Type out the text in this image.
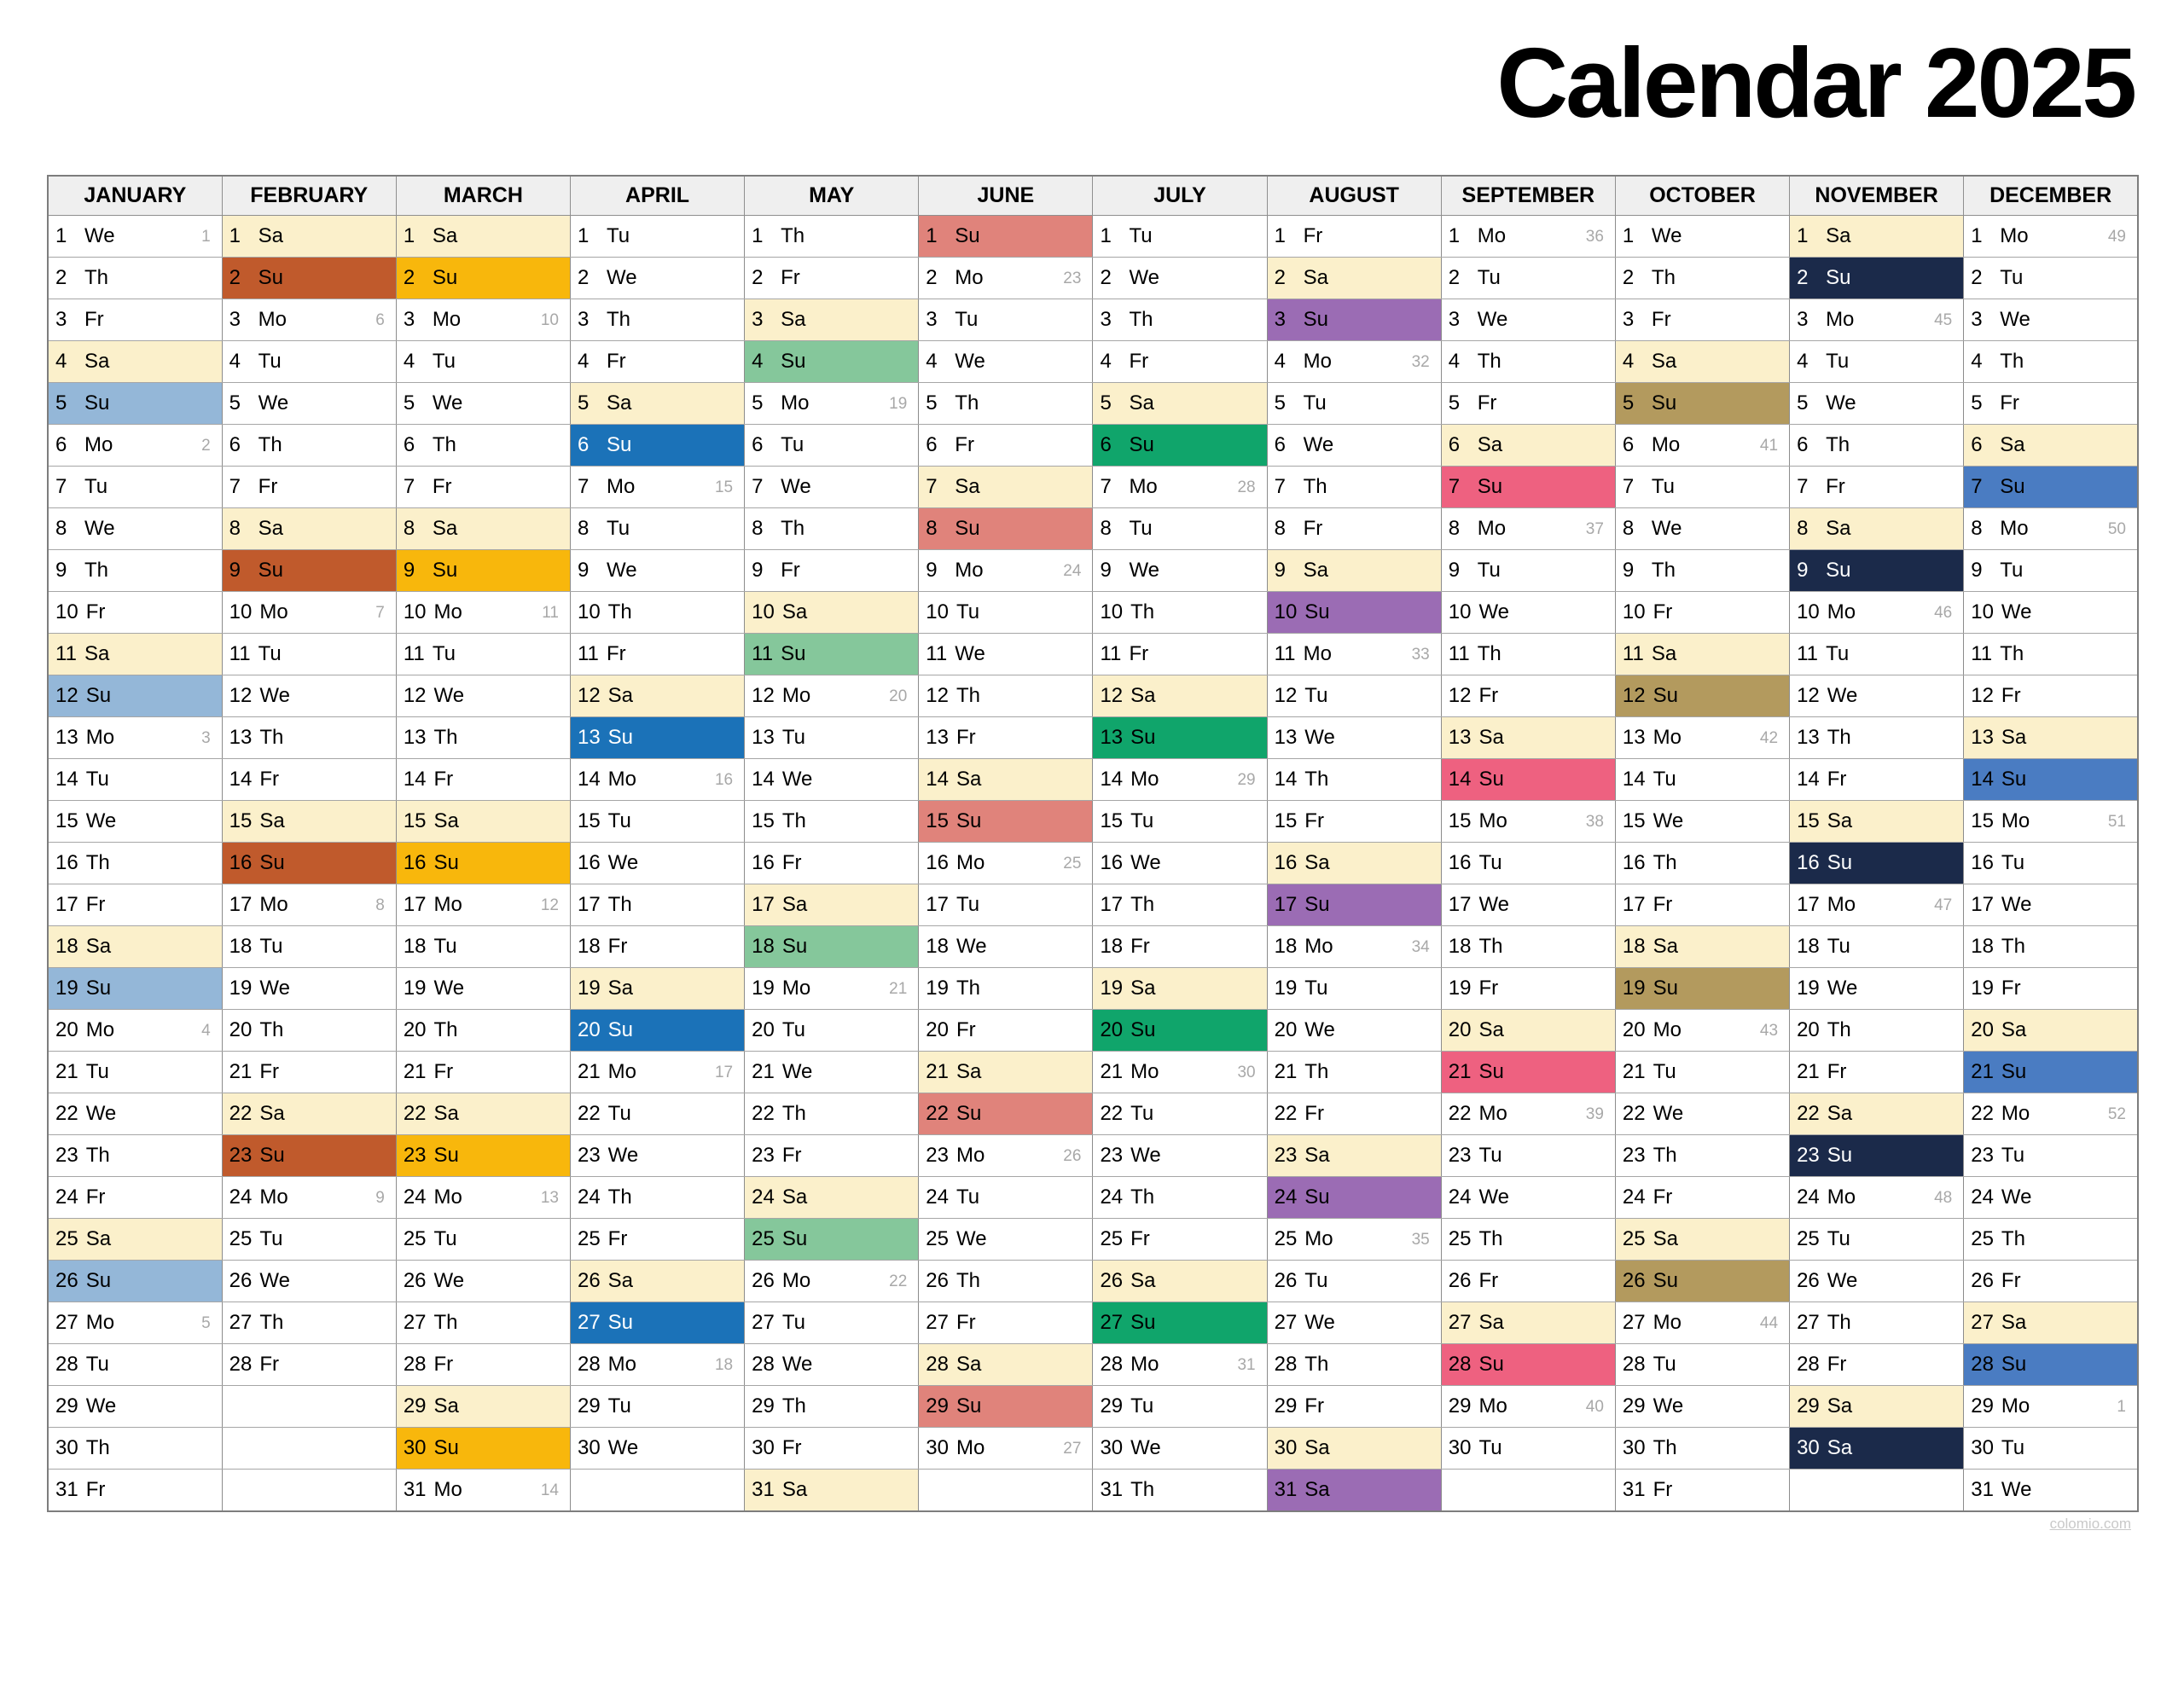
Calendar 2025
JANUARY	FEBRUARY	MARCH	APRIL	MAY	JUNE	JULY	AUGUST	SEPTEMBER	OCTOBER	NOVEMBER	DECEMBER

1 We 1	1 Sa	1 Sa	1 Tu	1 Th	1 Su	1 Tu	1 Fr	1 Mo 36	1 We	1 Sa	1 Mo 49

2 Th	2 Su	2 Su	2 We	2 Fr	2 Mo 23	2 We	2 Sa	2 Tu	2 Th	2 Su	2 Tu

3 Fr	3 Mo 6	3 Mo 10	3 Th	3 Sa	3 Tu	3 Th	3 Su	3 We	3 Fr	3 Mo 45	3 We

4 Sa	4 Tu	4 Tu	4 Fr	4 Su	4 We	4 Fr	4 Mo 32	4 Th	4 Sa	4 Tu	4 Th

5 Su	5 We	5 We	5 Sa	5 Mo 19	5 Th	5 Sa	5 Tu	5 Fr	5 Su	5 We	5 Fr

6 Mo 2	6 Th	6 Th	6 Su	6 Tu	6 Fr	6 Su	6 We	6 Sa	6 Mo 41	6 Th	6 Sa

7 Tu	7 Fr	7 Fr	7 Mo 15	7 We	7 Sa	7 Mo 28	7 Th	7 Su	7 Tu	7 Fr	7 Su

8 We	8 Sa	8 Sa	8 Tu	8 Th	8 Su	8 Tu	8 Fr	8 Mo 37	8 We	8 Sa	8 Mo 50

9 Th	9 Su	9 Su	9 We	9 Fr	9 Mo 24	9 We	9 Sa	9 Tu	9 Th	9 Su	9 Tu

10 Fr	10 Mo 7	10 Mo 11	10 Th	10 Sa	10 Tu	10 Th	10 Su	10 We	10 Fr	10 Mo 46	10 We

11 Sa	11 Tu	11 Tu	11 Fr	11 Su	11 We	11 Fr	11 Mo 33	11 Th	11 Sa	11 Tu	11 Th

12 Su	12 We	12 We	12 Sa	12 Mo 20	12 Th	12 Sa	12 Tu	12 Fr	12 Su	12 We	12 Fr

13 Mo 3	13 Th	13 Th	13 Su	13 Tu	13 Fr	13 Su	13 We	13 Sa	13 Mo 42	13 Th	13 Sa

14 Tu	14 Fr	14 Fr	14 Mo 16	14 We	14 Sa	14 Mo 29	14 Th	14 Su	14 Tu	14 Fr	14 Su

15 We	15 Sa	15 Sa	15 Tu	15 Th	15 Su	15 Tu	15 Fr	15 Mo 38	15 We	15 Sa	15 Mo 51

16 Th	16 Su	16 Su	16 We	16 Fr	16 Mo 25	16 We	16 Sa	16 Tu	16 Th	16 Su	16 Tu

17 Fr	17 Mo 8	17 Mo 12	17 Th	17 Sa	17 Tu	17 Th	17 Su	17 We	17 Fr	17 Mo 47	17 We

18 Sa	18 Tu	18 Tu	18 Fr	18 Su	18 We	18 Fr	18 Mo 34	18 Th	18 Sa	18 Tu	18 Th

19 Su	19 We	19 We	19 Sa	19 Mo 21	19 Th	19 Sa	19 Tu	19 Fr	19 Su	19 We	19 Fr

20 Mo 4	20 Th	20 Th	20 Su	20 Tu	20 Fr	20 Su	20 We	20 Sa	20 Mo 43	20 Th	20 Sa

21 Tu	21 Fr	21 Fr	21 Mo 17	21 We	21 Sa	21 Mo 30	21 Th	21 Su	21 Tu	21 Fr	21 Su

22 We	22 Sa	22 Sa	22 Tu	22 Th	22 Su	22 Tu	22 Fr	22 Mo 39	22 We	22 Sa	22 Mo 52

23 Th	23 Su	23 Su	23 We	23 Fr	23 Mo 26	23 We	23 Sa	23 Tu	23 Th	23 Su	23 Tu

24 Fr	24 Mo 9	24 Mo 13	24 Th	24 Sa	24 Tu	24 Th	24 Su	24 We	24 Fr	24 Mo 48	24 We

25 Sa	25 Tu	25 Tu	25 Fr	25 Su	25 We	25 Fr	25 Mo 35	25 Th	25 Sa	25 Tu	25 Th

26 Su	26 We	26 We	26 Sa	26 Mo 22	26 Th	26 Sa	26 Tu	26 Fr	26 Su	26 We	26 Fr

27 Mo 5	27 Th	27 Th	27 Su	27 Tu	27 Fr	27 Su	27 We	27 Sa	27 Mo 44	27 Th	27 Sa

28 Tu	28 Fr	28 Fr	28 Mo 18	28 We	28 Sa	28 Mo 31	28 Th	28 Su	28 Tu	28 Fr	28 Su

29 We		29 Sa	29 Tu	29 Th	29 Su	29 Tu	29 Fr	29 Mo 40	29 We	29 Sa	29 Mo 1

30 Th		30 Su	30 We	30 Fr	30 Mo 27	30 We	30 Sa	30 Tu	30 Th	30 Sa	30 Tu

31 Fr		31 Mo 14		31 Sa		31 Th	31 Sa		31 Fr		31 We
colomio.com
